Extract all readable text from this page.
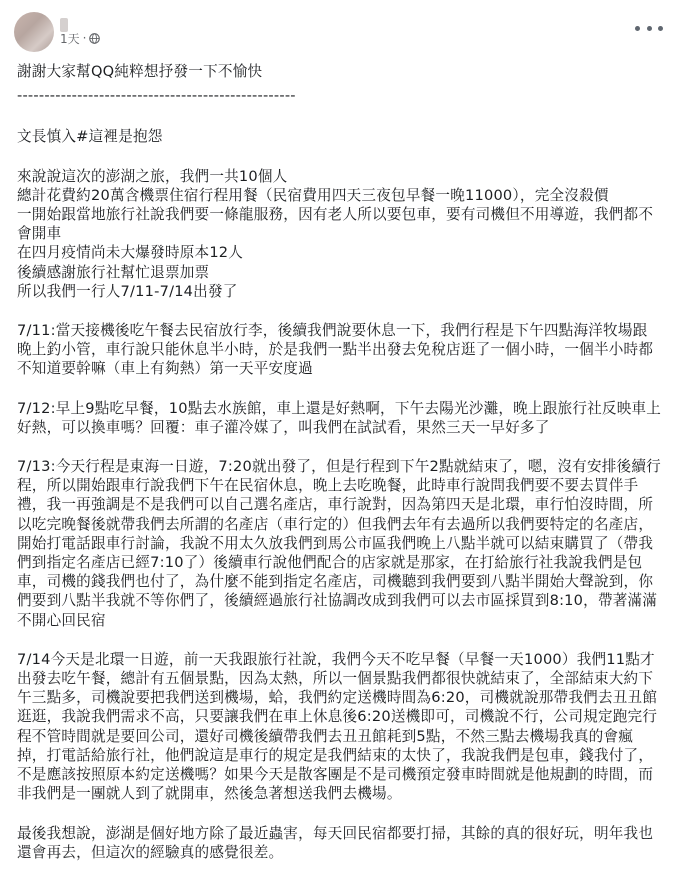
1天 ·
謝謝大家幫QQ純粹想抒發一下不愉快
---------------------------------------------------
文長慎入#這裡是抱怨
來說說這次的澎湖之旅，我們一共10個人
總計花費約20萬含機票住宿行程用餐（民宿費用四天三夜包早餐一晚11000），完全沒殺價
一開始跟當地旅行社說我們要一條龍服務，因有老人所以要包車，要有司機但不用導遊，我們都不
會開車
在四月疫情尚未大爆發時原本12人
後續感謝旅行社幫忙退票加票
所以我們一行人7/11-7/14出發了
7/11:當天接機後吃午餐去民宿放行李，後續我們說要休息一下，我們行程是下午四點海洋牧場跟
晚上釣小管，車行說只能休息半小時，於是我們一點半出發去免稅店逛了一個小時，一個半小時都
不知道要幹嘛（車上有夠熱）第一天平安度過
7/12:早上9點吃早餐，10點去水族館，車上還是好熱啊，下午去陽光沙灘，晚上跟旅行社反映車上
好熱，可以換車嗎？回覆：車子灌冷媒了，叫我們在試試看，果然三天一早好多了
7/13:今天行程是東海一日遊，7:20就出發了，但是行程到下午2點就結束了，嗯，沒有安排後續行
程，所以開始跟車行說我們下午在民宿休息，晚上去吃晚餐，此時車行說問我們要不要去買伴手
禮，我一再強調是不是我們可以自己選名產店，車行說對，因為第四天是北環，車行怕沒時間，所
以吃完晚餐後就帶我們去所謂的名產店（車行定的）但我們去年有去過所以我們要特定的名產店，
開始打電話跟車行討論，我說不用太久放我們到馬公市區我們晚上八點半就可以結束購買了（帶我
們到指定名產店已經7:10了）後續車行說他們配合的店家就是那家，在打給旅行社我說我們是包
車，司機的錢我們也付了，為什麼不能到指定名產店，司機聽到我們要到八點半開始大聲說到，你
們要到八點半我就不等你們了，後續經過旅行社協調改成到我們可以去市區採買到8:10，帶著滿滿
不開心回民宿
7/14今天是北環一日遊，前一天我跟旅行社說，我們今天不吃早餐（早餐一天1000）我們11點才
出發去吃午餐，總計有五個景點，因為太熱，所以一個景點我們都很快就結束了，全部結束大約下
午三點多，司機說要把我們送到機場，蛤，我們約定送機時間為6:20，司機就說那帶我們去丑丑館
逛逛，我說我們需求不高，只要讓我們在車上休息後6:20送機即可，司機說不行，公司規定跑完行
程不管時間就是要回公司，還好司機後續帶我們去丑丑館耗到5點，不然三點去機場我真的會瘋
掉，打電話給旅行社，他們說這是車行的規定是我們結束的太快了，我說我們是包車，錢我付了，
不是應該按照原本約定送機嗎？如果今天是散客團是不是司機預定發車時間就是他規劃的時間，而
非我們是一團就人到了就開車，然後急著想送我們去機場。
最後我想說，澎湖是個好地方除了最近蟲害，每天回民宿都要打掃，其餘的真的很好玩，明年我也
還會再去，但這次的經驗真的感覺很差。
